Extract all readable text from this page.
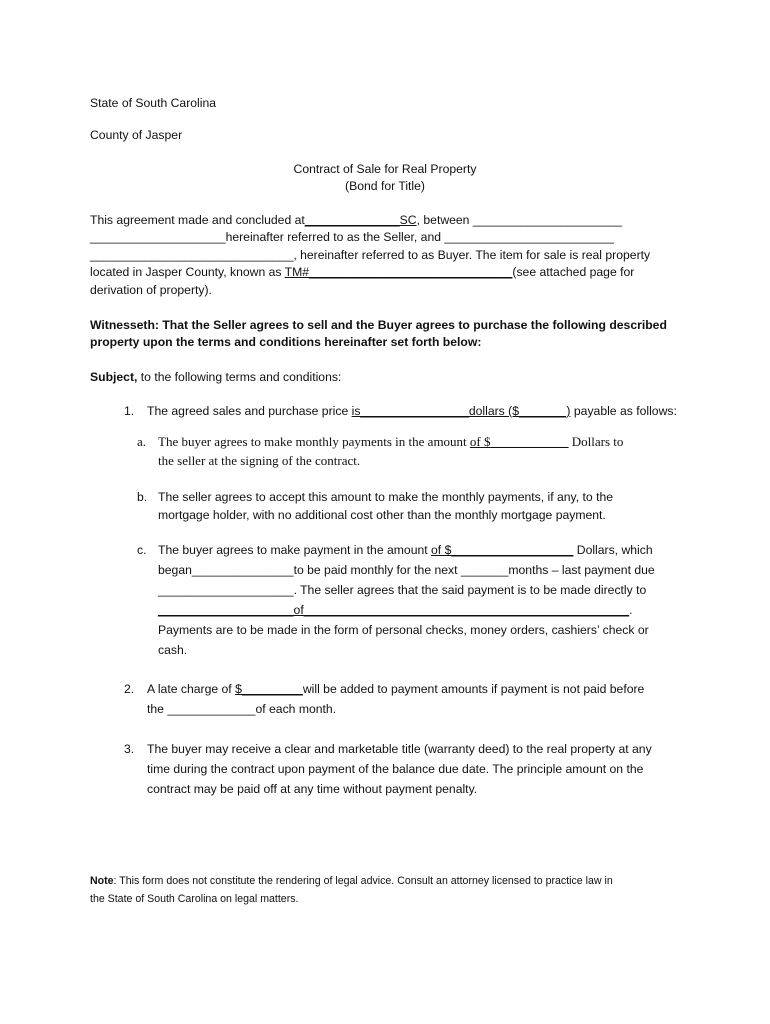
State of South Carolina
County of Jasper
Contract of Sale for Real Property
(Bond for Title)
This agreement made and concluded at______________SC, between ______________________
____________________hereinafter referred to as the Seller, and _________________________
______________________________, hereinafter referred to as Buyer. The item for sale is real property
located in Jasper County, known as TM#______________________________(see attached page for
derivation of property).
Witnesseth: That the Seller agrees to sell and the Buyer agrees to purchase the following described
property upon the terms and conditions hereinafter set forth below:
Subject, to the following terms and conditions:
1. The agreed sales and purchase price is________________dollars ($_______) payable as follows:
a. The buyer agrees to make monthly payments in the amount of $____________ Dollars to
the seller at the signing of the contract.
b. The seller agrees to accept this amount to make the monthly payments, if any, to the
mortgage holder, with no additional cost other than the monthly mortgage payment.
c. The buyer agrees to make payment in the amount of $__________________ Dollars, which
began_______________to be paid monthly for the next _______months – last payment due
____________________. The seller agrees that the said payment is to be made directly to
____________________of________________________________________________.
Payments are to be made in the form of personal checks, money orders, cashiers’ check or
cash.
2. A late charge of $_________will be added to payment amounts if payment is not paid before
the _____________of each month.
3. The buyer may receive a clear and marketable title (warranty deed) to the real property at any
time during the contract upon payment of the balance due date. The principle amount on the
contract may be paid off at any time without payment penalty.
Note: This form does not constitute the rendering of legal advice. Consult an attorney licensed to practice law in
the State of South Carolina on legal matters.
